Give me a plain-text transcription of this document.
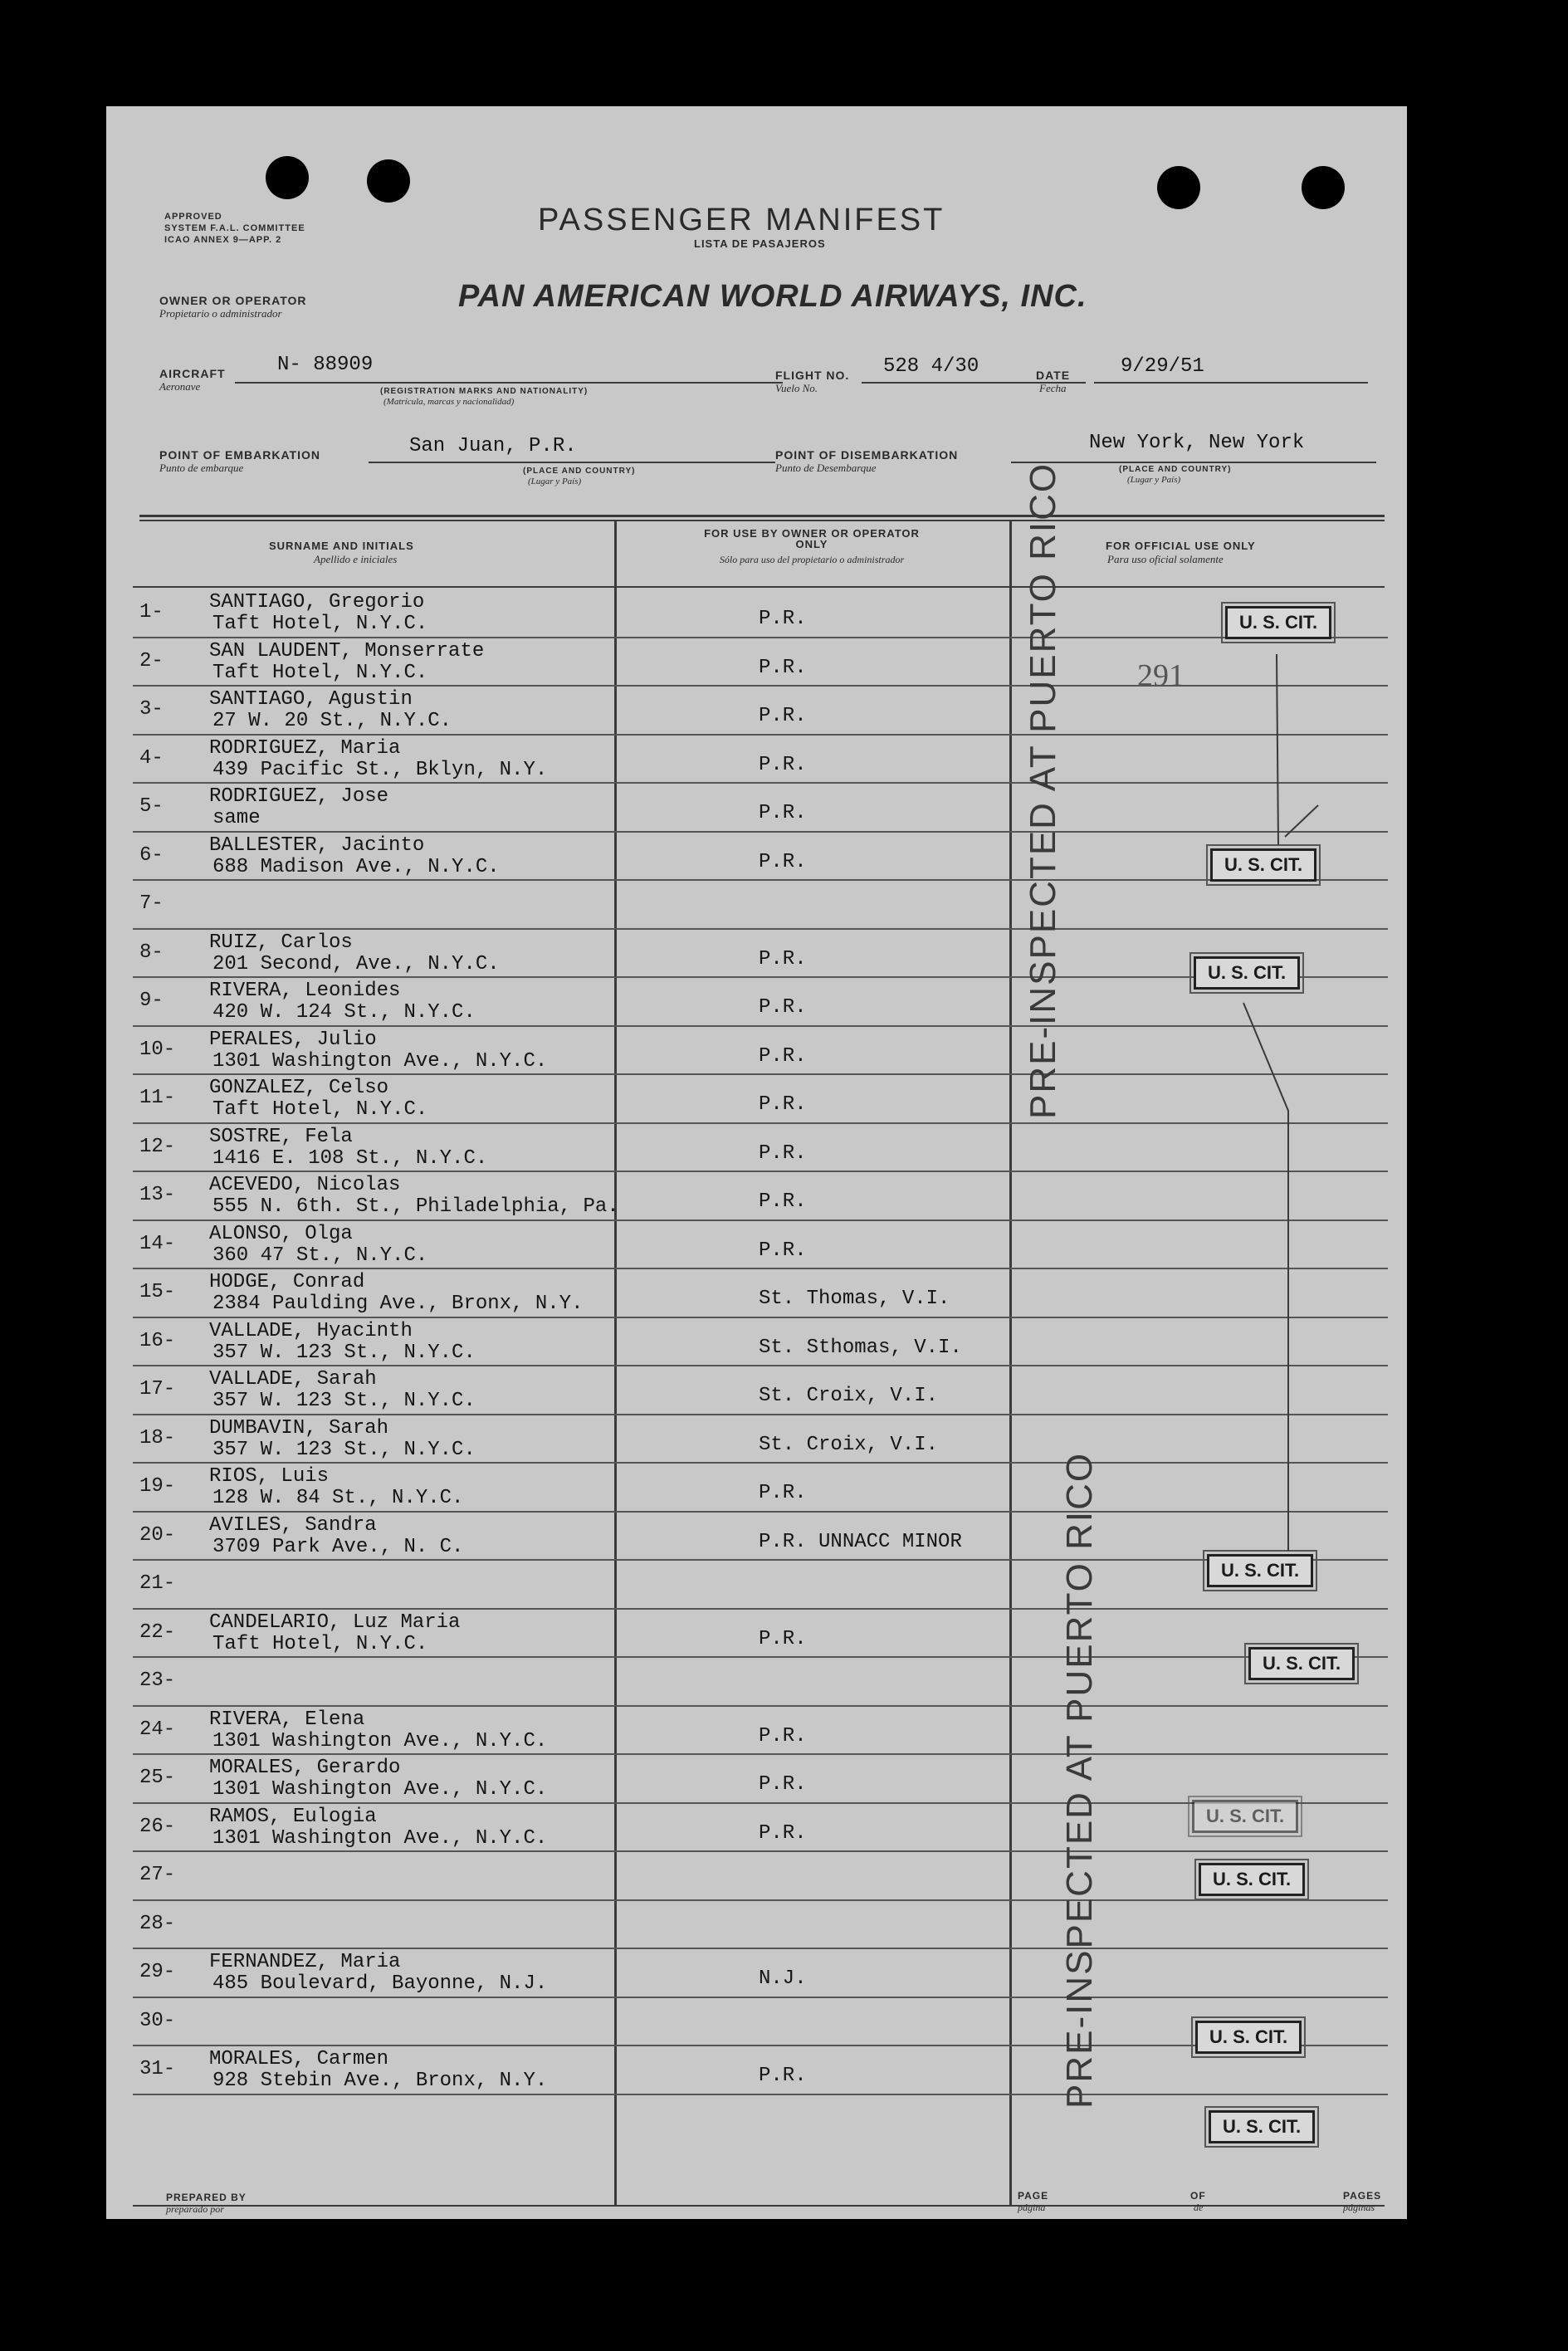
APPROVED
SYSTEM F.A.L. COMMITTEE
ICAO ANNEX 9—APP. 2
PASSENGER MANIFEST
LISTA DE PASAJEROS
OWNER OR OPERATOR
Propietario o administrador	PAN AMERICAN WORLD AIRWAYS, INC.
AIRCRAFT
Aeronave
N- 88909
(REGISTRATION MARKS AND NATIONALITY)
(Matrícula, marcas y nacionalidad)
FLIGHT NO.
Vuelo No.
528 4/30	DATE
Fecha
9/29/51
POINT OF EMBARKATION
Punto de embarque
San Juan, P.R.
(PLACE AND COUNTRY)
(Lugar y País)
POINT OF DISEMBARKATION
Punto de Desembarque
New York, New York
(PLACE AND COUNTRY)
(Lugar y País)
SURNAME AND INITIALS
Apellido e iniciales
FOR USE BY OWNER OR OPERATOR ONLY
Sólo para uso del propietario o administrador
FOR OFFICIAL USE ONLY
Para uso oficial solamente
1- SANTIAGO, Gregorio
Taft Hotel, N.Y.C.	P.R.
2- SAN LAUDENT, Monserrate
Taft Hotel, N.Y.C.	P.R.
3- SANTIAGO, Agustin
27 W. 20 St., N.Y.C.	P.R.
4- RODRIGUEZ, Maria
439 Pacific St., Bklyn, N.Y.	P.R.
5- RODRIGUEZ, Jose
same	P.R.
6- BALLESTER, Jacinto
688 Madison Ave., N.Y.C.	P.R.
7-
8- RUIZ, Carlos
201 Second, Ave., N.Y.C.	P.R.
9- RIVERA, Leonides
420 W. 124 St., N.Y.C.	P.R.
10- PERALES, Julio
1301 Washington Ave., N.Y.C.	P.R.
11- GONZALEZ, Celso
Taft Hotel, N.Y.C.	P.R.
12- SOSTRE, Fela
1416 E. 108 St., N.Y.C.	P.R.
13- ACEVEDO, Nicolas
555 N. 6th. St., Philadelphia, Pa.	P.R.
14- ALONSO, Olga
360 47 St., N.Y.C.	P.R.
15- HODGE, Conrad
2384 Paulding Ave., Bronx, N.Y.	St. Thomas, V.I.
16- VALLADE, Hyacinth
357 W. 123 St., N.Y.C.	St. Sthomas, V.I.
17- VALLADE, Sarah
357 W. 123 St., N.Y.C.	St. Croix, V.I.
18- DUMBAVIN, Sarah
357 W. 123 St., N.Y.C.	St. Croix, V.I.
19- RIOS, Luis
128 W. 84 St., N.Y.C.	P.R.
20- AVILES, Sandra
3709 Park Ave., N. C.	P.R. UNNACC MINOR
21-
22- CANDELARIO, Luz Maria
Taft Hotel, N.Y.C.	P.R.
23-
24- RIVERA, Elena
1301 Washington Ave., N.Y.C.	P.R.
25- MORALES, Gerardo
1301 Washington Ave., N.Y.C.	P.R.
26- RAMOS, Eulogia
1301 Washington Ave., N.Y.C.	P.R.
27-
28-
29- FERNANDEZ, Maria
485 Boulevard, Bayonne, N.J.	N.J.
30-
31- MORALES, Carmen
928 Stebin Ave., Bronx, N.Y.	P.R.
PRE-INSPECTED AT PUERTO RICO
PRE-INSPECTED AT PUERTO RICO
291
U. S. CIT.
U. S. CIT.
U. S. CIT.
U. S. CIT.
U. S. CIT.
U. S. CIT.
U. S. CIT.
U. S. CIT.
U. S. CIT.
PREPARED BY
preparado por
PAGE
página
OF
de
PAGES
páginas
